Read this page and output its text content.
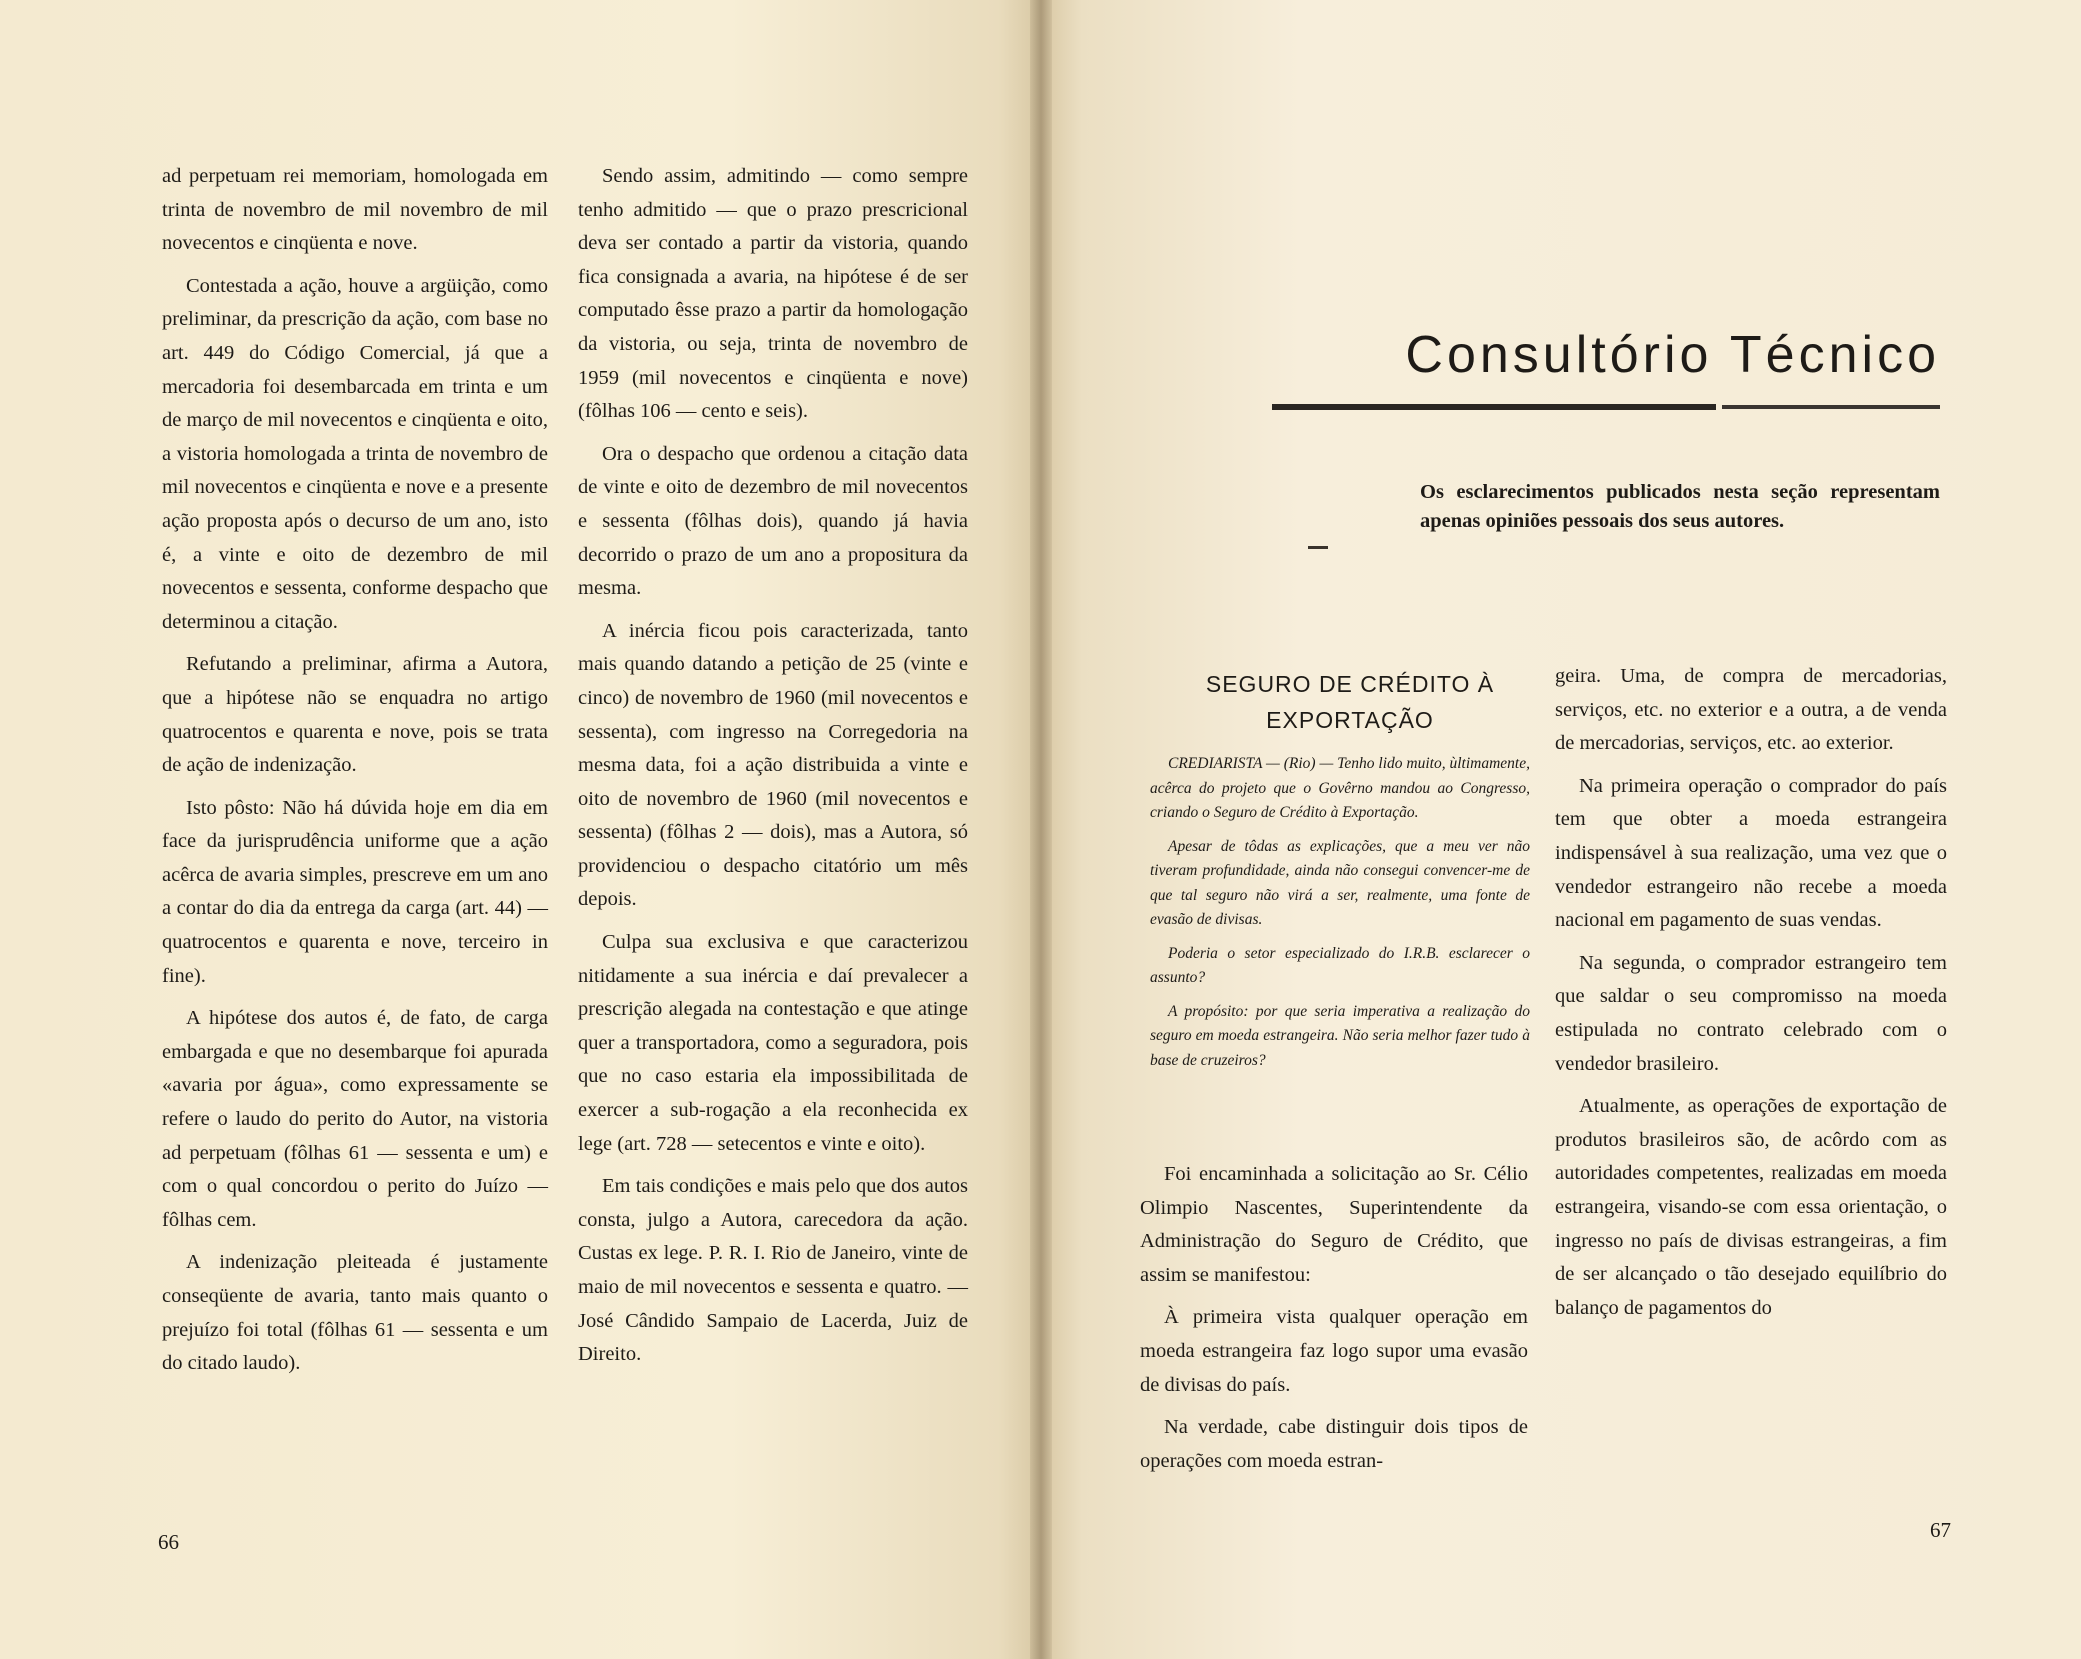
ad perpetuam rei memoriam, homologada em trinta de novembro de mil novembro de mil novecentos e cinqüenta e nove.

Contestada a ação, houve a argüição, como preliminar, da prescrição da ação, com base no art. 449 do Código Comercial, já que a mercadoria foi desembarcada em trinta e um de março de mil novecentos e cinqüenta e oito, a vistoria homologada a trinta de novembro de mil novecentos e cinqüenta e nove e a presente ação proposta após o decurso de um ano, isto é, a vinte e oito de dezembro de mil novecentos e sessenta, conforme despacho que determinou a citação.

Refutando a preliminar, afirma a Autora, que a hipótese não se enquadra no artigo quatrocentos e quarenta e nove, pois se trata de ação de indenização.

Isto pôsto: Não há dúvida hoje em dia em face da jurisprudência uniforme que a ação acêrca de avaria simples, prescreve em um ano a contar do dia da entrega da carga (art. 44) — quatrocentos e quarenta e nove, terceiro in fine).

A hipótese dos autos é, de fato, de carga embargada e que no desembarque foi apurada «avaria por água», como expressamente se refere o laudo do perito do Autor, na vistoria ad perpetuam (fôlhas 61 — sessenta e um) e com o qual concordou o perito do Juízo — fôlhas cem.

A indenização pleiteada é justamente conseqüente de avaria, tanto mais quanto o prejuízo foi total (fôlhas 61 — sessenta e um do citado laudo).

Sendo assim, admitindo — como sempre tenho admitido — que o prazo prescricional deva ser contado a partir da vistoria, quando fica consignada a avaria, na hipótese é de ser computado êsse prazo a partir da homologação da vistoria, ou seja, trinta de novembro de 1959 (mil novecentos e cinqüenta e nove) (fôlhas 106 — cento e seis).

Ora o despacho que ordenou a citação data de vinte e oito de dezembro de mil novecentos e sessenta (fôlhas dois), quando já havia decorrido o prazo de um ano a propositura da mesma.

A inércia ficou pois caracterizada, tanto mais quando datando a petição de 25 (vinte e cinco) de novembro de 1960 (mil novecentos e sessenta), com ingresso na Corregedoria na mesma data, foi a ação distribuida a vinte e oito de novembro de 1960 (mil novecentos e sessenta) (fôlhas 2 — dois), mas a Autora, só providenciou o despacho citatório um mês depois.

Culpa sua exclusiva e que caracterizou nitidamente a sua inércia e daí prevalecer a prescrição alegada na contestação e que atinge quer a transportadora, como a seguradora, pois que no caso estaria ela impossibilitada de exercer a sub-rogação a ela reconhecida ex lege (art. 728 — setecentos e vinte e oito).

Em tais condições e mais pelo que dos autos consta, julgo a Autora, carecedora da ação. Custas ex lege. P. R. I. Rio de Janeiro, vinte de maio de mil novecentos e sessenta e quatro. — José Cândido Sampaio de Lacerda, Juiz de Direito.

66
Consultório Técnico
Os esclarecimentos publicados nesta seção representam apenas opiniões pessoais dos seus autores.
SEGURO DE CRÉDITO À EXPORTAÇÃO

CREDIARISTA — (Rio) — Tenho lido muito, ùltimamente, acêrca do projeto que o Govêrno mandou ao Congresso, criando o Seguro de Crédito à Exportação.

Apesar de tôdas as explicações, que a meu ver não tiveram profundidade, ainda não consegui convencer-me de que tal seguro não virá a ser, realmente, uma fonte de evasão de divisas.

Poderia o setor especializado do I.R.B. esclarecer o assunto?

A propósito: por que seria imperativa a realização do seguro em moeda estrangeira. Não seria melhor fazer tudo à base de cruzeiros?

Foi encaminhada a solicitação ao Sr. Célio Olimpio Nascentes, Superintendente da Administração do Seguro de Crédito, que assim se manifestou:

À primeira vista qualquer operação em moeda estrangeira faz logo supor uma evasão de divisas do país.

Na verdade, cabe distinguir dois tipos de operações com moeda estran-

geira. Uma, de compra de mercadorias, serviços, etc. no exterior e a outra, a de venda de mercadorias, serviços, etc. ao exterior.

Na primeira operação o comprador do país tem que obter a moeda estrangeira indispensável à sua realização, uma vez que o vendedor estrangeiro não recebe a moeda nacional em pagamento de suas vendas.

Na segunda, o comprador estrangeiro tem que saldar o seu compromisso na moeda estipulada no contrato celebrado com o vendedor brasileiro.

Atualmente, as operações de exportação de produtos brasileiros são, de acôrdo com as autoridades competentes, realizadas em moeda estrangeira, visando-se com essa orientação, o ingresso no país de divisas estrangeiras, a fim de ser alcançado o tão desejado equilíbrio do balanço de pagamentos do

67
